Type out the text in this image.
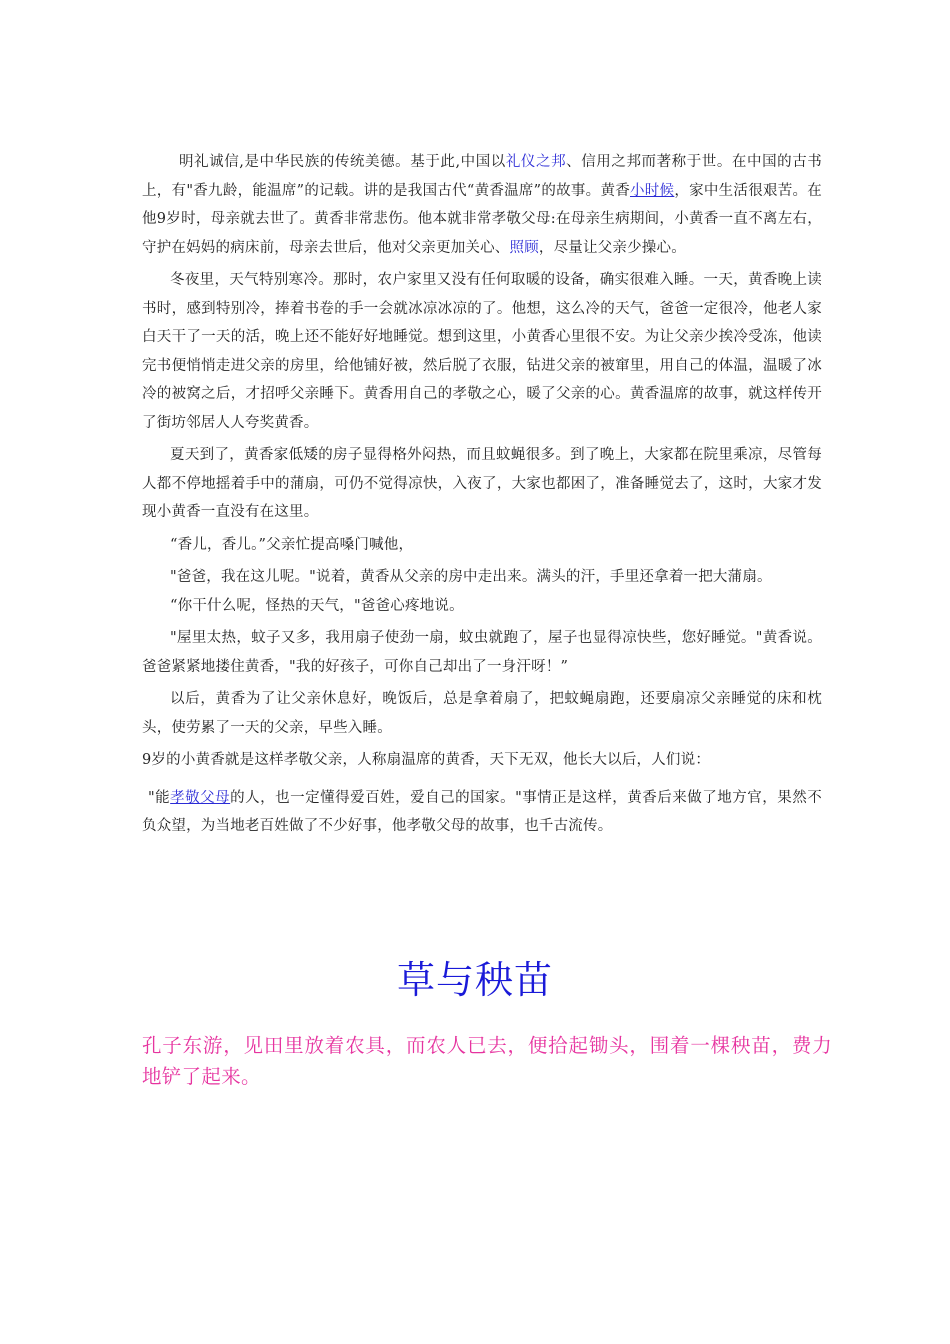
明礼诚信,是中华民族的传统美德。基于此,中国以礼仪之邦、信用之邦而著称于世。在中国的古书上，有"香九龄，能温席”的记载。讲的是我国古代“黄香温席”的故事。黄香小时候，家中生活很艰苦。在他9岁时，母亲就去世了。黄香非常悲伤。他本就非常孝敬父母:在母亲生病期间，小黄香一直不离左右，守护在妈妈的病床前，母亲去世后，他对父亲更加关心、照顾，尽量让父亲少操心。

冬夜里，天气特别寒冷。那时，农户家里又没有任何取暖的设备，确实很难入睡。一天，黄香晚上读书时，感到特别冷，捧着书卷的手一会就冰凉冰凉的了。他想，这么冷的天气，爸爸一定很冷，他老人家白天干了一天的活，晚上还不能好好地睡觉。想到这里，小黄香心里很不安。为让父亲少挨冷受冻，他读完书便悄悄走进父亲的房里，给他铺好被，然后脱了衣服，钻进父亲的被窜里，用自己的体温，温暖了冰冷的被窝之后，才招呼父亲睡下。黄香用自己的孝敬之心，暖了父亲的心。黄香温席的故事，就这样传开了街坊邻居人人夸奖黄香。

夏天到了，黄香家低矮的房子显得格外闷热，而且蚊蝇很多。到了晚上，大家都在院里乘凉，尽管每人都不停地摇着手中的蒲扇，可仍不觉得凉快，入夜了，大家也都困了，准备睡觉去了，这时，大家才发现小黄香一直没有在这里。

“香儿，香儿。”父亲忙提高嗓门喊他，

"爸爸，我在这儿呢。"说着，黄香从父亲的房中走出来。满头的汗，手里还拿着一把大蒲扇。

“你干什么呢，怪热的天气，"爸爸心疼地说。

"屋里太热，蚊子又多，我用扇子使劲一扇，蚊虫就跑了，屋子也显得凉快些，您好睡觉。"黄香说。爸爸紧紧地搂住黄香，"我的好孩子，可你自己却出了一身汗呀！”

以后，黄香为了让父亲休息好，晚饭后，总是拿着扇了，把蚊蝇扇跑，还要扇凉父亲睡觉的床和枕头，使劳累了一天的父亲，早些入睡。

9岁的小黄香就是这样孝敬父亲，人称扇温席的黄香，天下无双，他长大以后，人们说：

"能孝敬父母的人，也一定懂得爱百姓，爱自己的国家。"事情正是这样，黄香后来做了地方官，果然不负众望，为当地老百姓做了不少好事，他孝敬父母的故事，也千古流传。

草与秧苗

孔子东游，见田里放着农具，而农人已去，便拾起锄头，围着一棵秧苗，费力地铲了起来。
